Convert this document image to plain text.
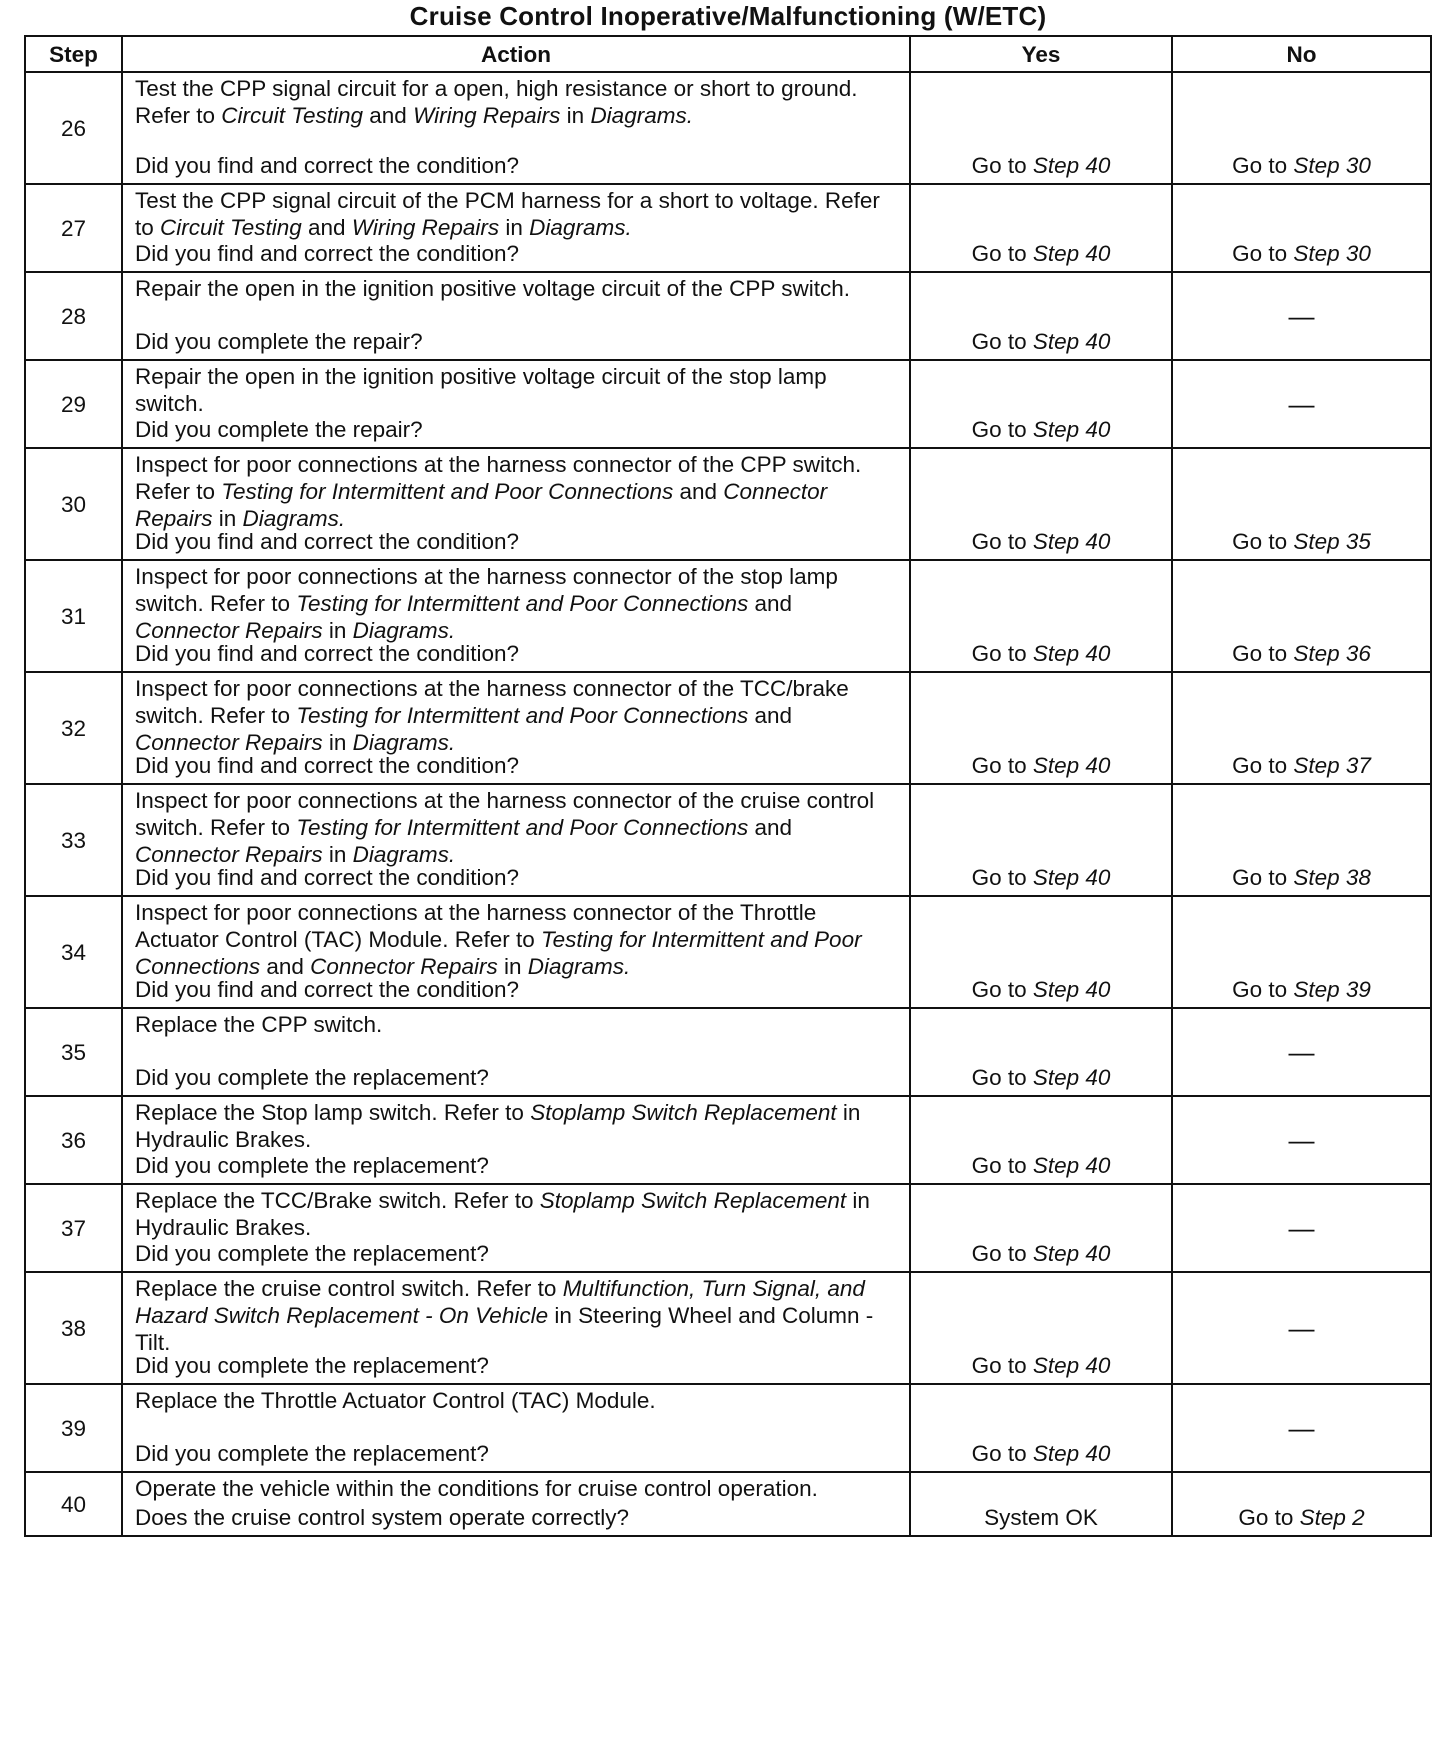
Cruise Control Inoperative/Malfunctioning (W/ETC)
Step	Action	Yes	No
26	Test the CPP signal circuit for a open, high resistance or short to ground. Refer to Circuit Testing and Wiring Repairs in Diagrams.
Did you find and correct the condition?	Go to Step 40	Go to Step 30
27	Test the CPP signal circuit of the PCM harness for a short to voltage. Refer to Circuit Testing and Wiring Repairs in Diagrams.
Did you find and correct the condition?	Go to Step 40	Go to Step 30
28	Repair the open in the ignition positive voltage circuit of the CPP switch.
Did you complete the repair?	Go to Step 40	—
29	Repair the open in the ignition positive voltage circuit of the stop lamp switch.
Did you complete the repair?	Go to Step 40	—
30	Inspect for poor connections at the harness connector of the CPP switch. Refer to Testing for Intermittent and Poor Connections and Connector Repairs in Diagrams.
Did you find and correct the condition?	Go to Step 40	Go to Step 35
31	Inspect for poor connections at the harness connector of the stop lamp switch. Refer to Testing for Intermittent and Poor Connections and Connector Repairs in Diagrams.
Did you find and correct the condition?	Go to Step 40	Go to Step 36
32	Inspect for poor connections at the harness connector of the TCC/brake switch. Refer to Testing for Intermittent and Poor Connections and Connector Repairs in Diagrams.
Did you find and correct the condition?	Go to Step 40	Go to Step 37
33	Inspect for poor connections at the harness connector of the cruise control switch. Refer to Testing for Intermittent and Poor Connections and Connector Repairs in Diagrams.
Did you find and correct the condition?	Go to Step 40	Go to Step 38
34	Inspect for poor connections at the harness connector of the Throttle Actuator Control (TAC) Module. Refer to Testing for Intermittent and Poor Connections and Connector Repairs in Diagrams.
Did you find and correct the condition?	Go to Step 40	Go to Step 39
35	Replace the CPP switch.
Did you complete the replacement?	Go to Step 40	—
36	Replace the Stop lamp switch. Refer to Stoplamp Switch Replacement in Hydraulic Brakes.
Did you complete the replacement?	Go to Step 40	—
37	Replace the TCC/Brake switch. Refer to Stoplamp Switch Replacement in Hydraulic Brakes.
Did you complete the replacement?	Go to Step 40	—
38	Replace the cruise control switch. Refer to Multifunction, Turn Signal, and Hazard Switch Replacement - On Vehicle in Steering Wheel and Column - Tilt.
Did you complete the replacement?	Go to Step 40	—
39	Replace the Throttle Actuator Control (TAC) Module.
Did you complete the replacement?	Go to Step 40	—
40	Operate the vehicle within the conditions for cruise control operation.
Does the cruise control system operate correctly?	System OK	Go to Step 2
